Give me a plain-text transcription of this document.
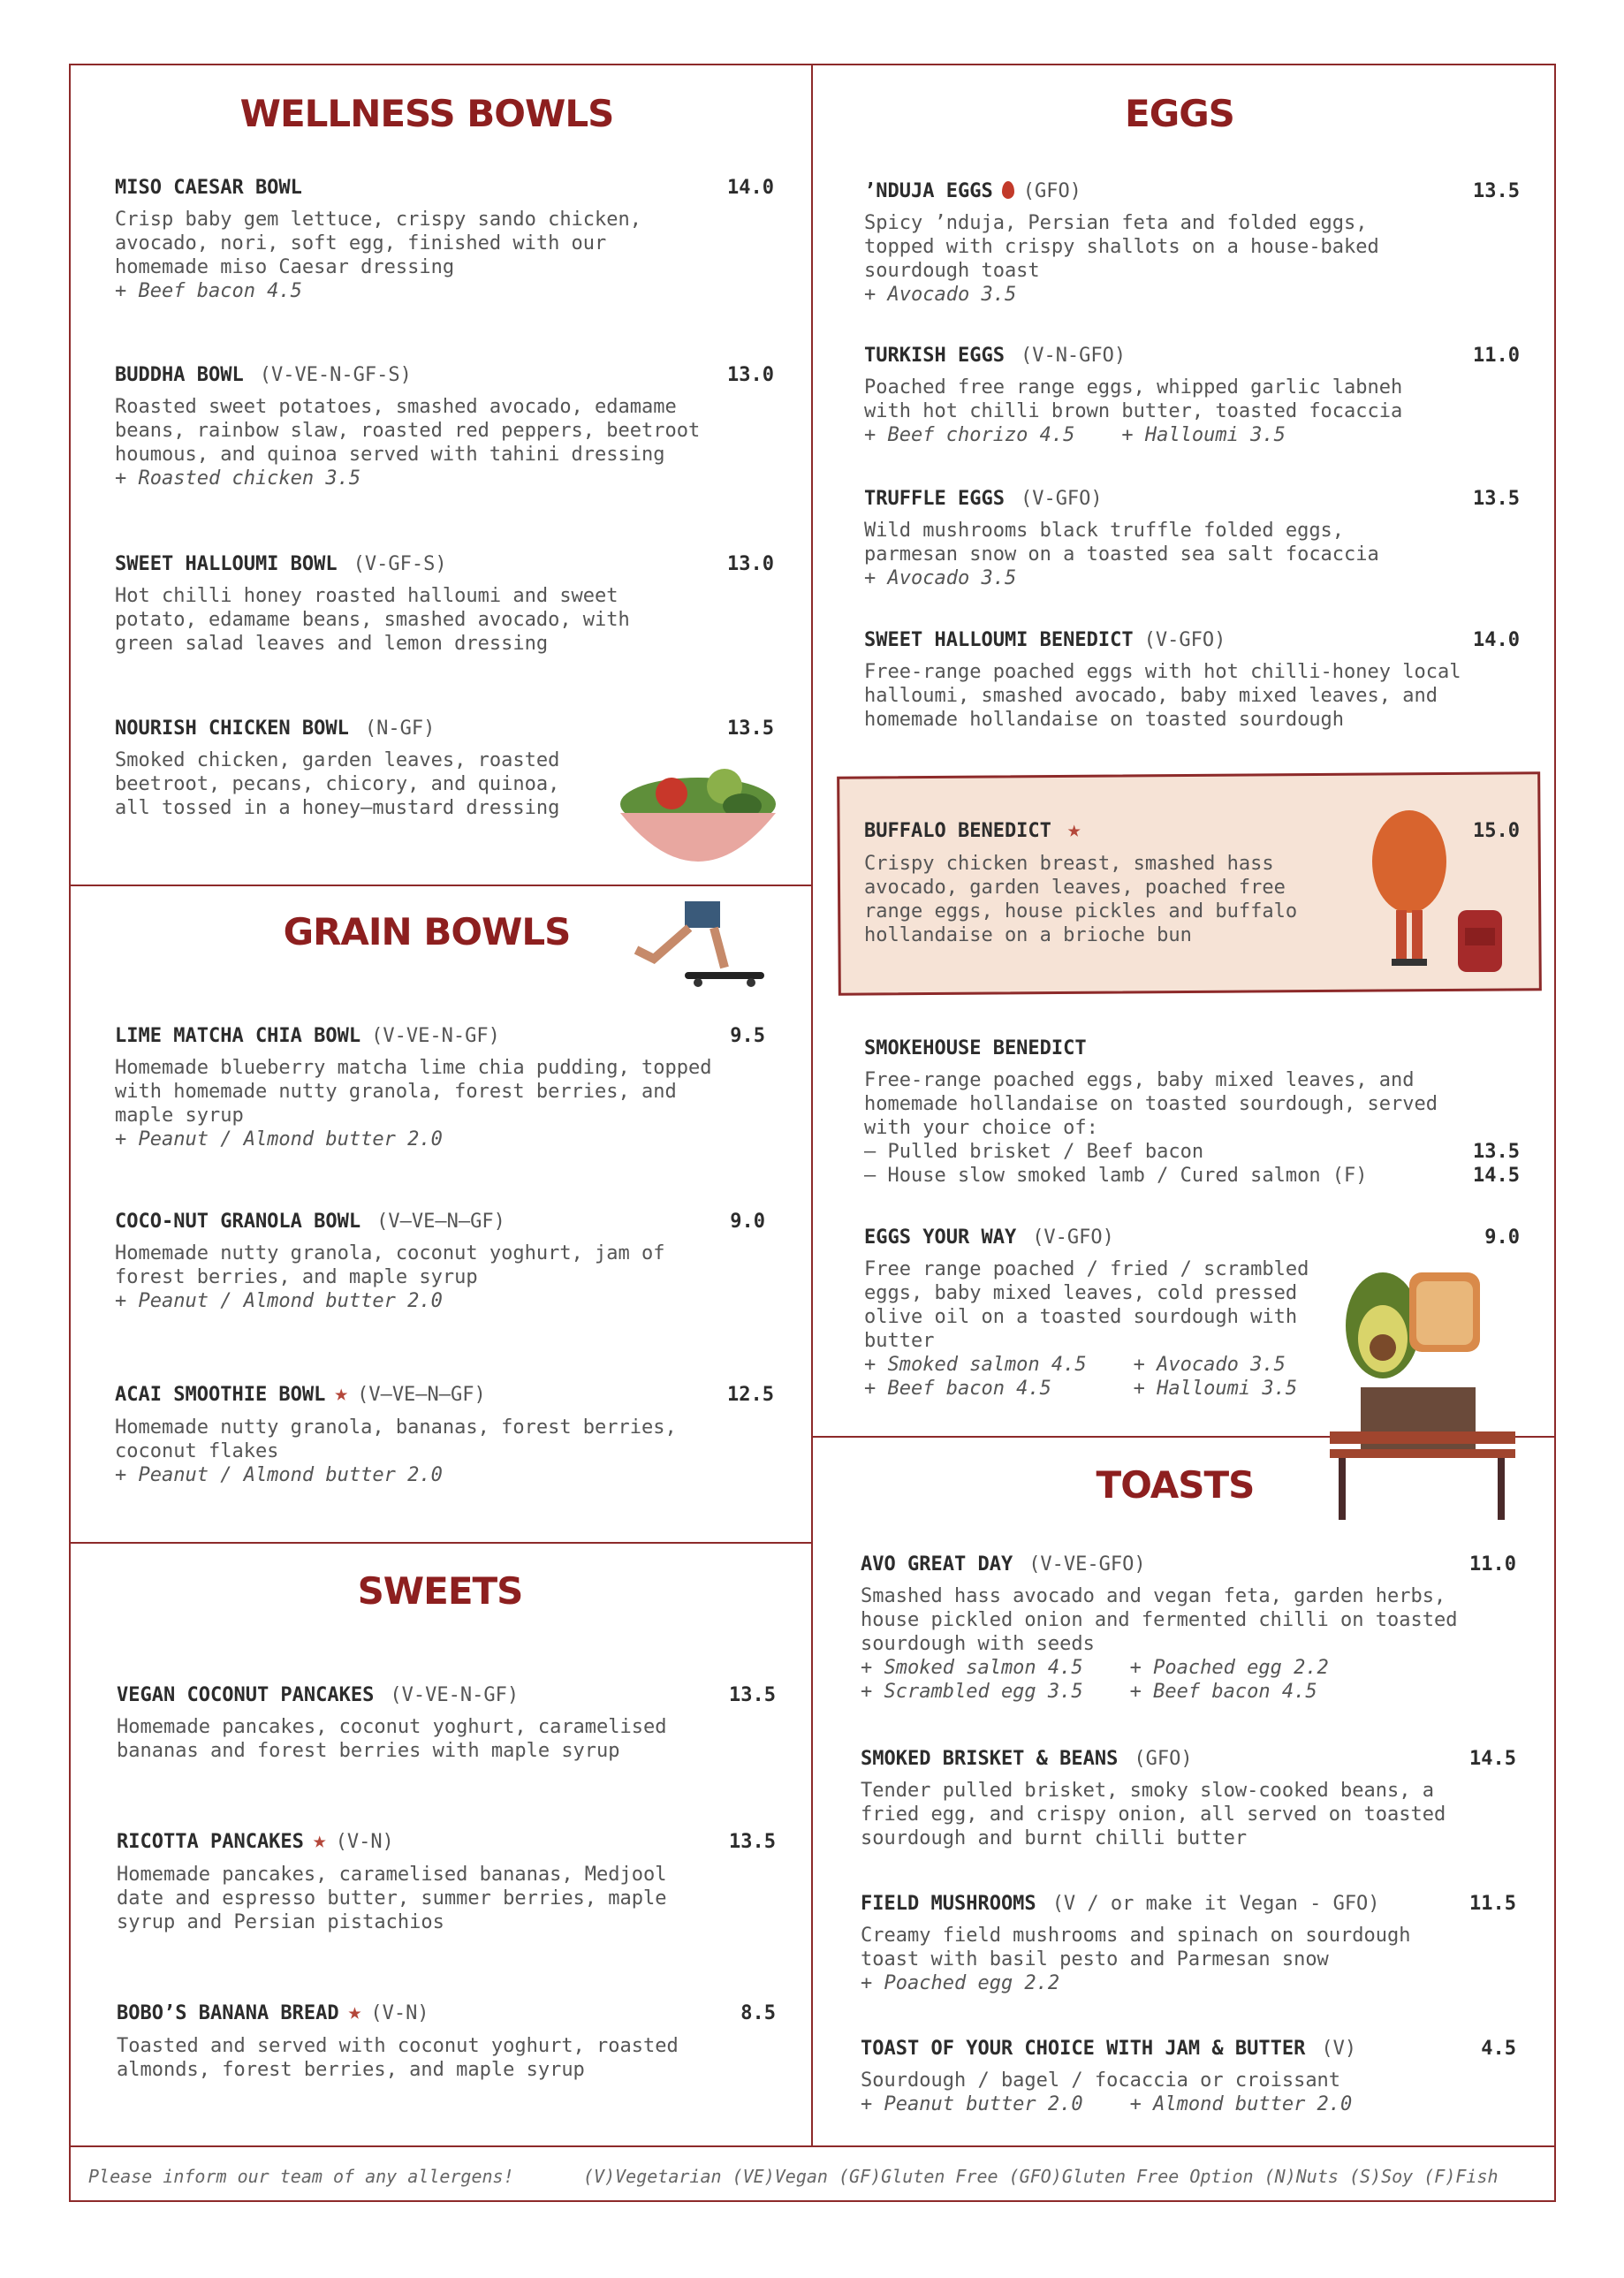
WELLNESS BOWLS
GRAIN BOWLS
SWEETS
EGGS
TOASTS
MISO CAESAR BOWL	14.0
Crisp baby gem lettuce, crispy sando chicken,
avocado, nori, soft egg, finished with our
homemade miso Caesar dressing
+ Beef bacon 4.5
BUDDHA BOWL (V-VE-N-GF-S)	13.0
Roasted sweet potatoes, smashed avocado, edamame
beans, rainbow slaw, roasted red peppers, beetroot
houmous, and quinoa served with tahini dressing
+ Roasted chicken 3.5
SWEET HALLOUMI BOWL (V-GF-S)	13.0
Hot chilli honey roasted halloumi and sweet
potato, edamame beans, smashed avocado, with
green salad leaves and lemon dressing
NOURISH CHICKEN BOWL (N-GF)	13.5
Smoked chicken, garden leaves, roasted
beetroot, pecans, chicory, and quinoa,
all tossed in a honey—mustard dressing
LIME MATCHA CHIA BOWL (V-VE-N-GF)	9.5
Homemade blueberry matcha lime chia pudding, topped
with homemade nutty granola, forest berries, and
maple syrup
+ Peanut / Almond butter 2.0
COCO-NUT GRANOLA BOWL (V—VE—N—GF)	9.0
Homemade nutty granola, coconut yoghurt, jam of
forest berries, and maple syrup
+ Peanut / Almond butter 2.0
ACAI SMOOTHIE BOWL ★ (V—VE—N—GF)	12.5
Homemade nutty granola, bananas, forest berries,
coconut flakes
+ Peanut / Almond butter 2.0
VEGAN COCONUT PANCAKES (V-VE-N-GF)	13.5
Homemade pancakes, coconut yoghurt, caramelised
bananas and forest berries with maple syrup
RICOTTA PANCAKES ★ (V-N)	13.5
Homemade pancakes, caramelised bananas, Medjool
date and espresso butter, summer berries, maple
syrup and Persian pistachios
BOBO’S BANANA BREAD ★ (V-N)	8.5
Toasted and served with coconut yoghurt, roasted
almonds, forest berries, and maple syrup
’NDUJA EGGS (GFO)	13.5
Spicy ’nduja, Persian feta and folded eggs,
topped with crispy shallots on a house-baked
sourdough toast
+ Avocado 3.5
TURKISH EGGS (V-N-GFO)	11.0
Poached free range eggs, whipped garlic labneh
with hot chilli brown butter, toasted focaccia
+ Beef chorizo 4.5    + Halloumi 3.5
TRUFFLE EGGS (V-GFO)	13.5
Wild mushrooms black truffle folded eggs,
parmesan snow on a toasted sea salt focaccia
+ Avocado 3.5
SWEET HALLOUMI BENEDICT (V-GFO)	14.0
Free-range poached eggs with hot chilli-honey local
halloumi, smashed avocado, baby mixed leaves, and
homemade hollandaise on toasted sourdough
BUFFALO BENEDICT ★	15.0
Crispy chicken breast, smashed hass
avocado, garden leaves, poached free
range eggs, house pickles and buffalo
hollandaise on a brioche bun
SMOKEHOUSE BENEDICT
Free-range poached eggs, baby mixed leaves, and
homemade hollandaise on toasted sourdough, served
with your choice of:
— Pulled brisket / Beef bacon	13.5
— House slow smoked lamb / Cured salmon (F)	14.5
EGGS YOUR WAY (V-GFO)	9.0
Free range poached / fried / scrambled
eggs, baby mixed leaves, cold pressed
olive oil on a toasted sourdough with
butter
+ Smoked salmon 4.5    + Avocado 3.5
+ Beef bacon 4.5       + Halloumi 3.5
AVO GREAT DAY (V-VE-GFO)	11.0
Smashed hass avocado and vegan feta, garden herbs,
house pickled onion and fermented chilli on toasted
sourdough with seeds
+ Smoked salmon 4.5    + Poached egg 2.2
+ Scrambled egg 3.5    + Beef bacon 4.5
SMOKED BRISKET & BEANS (GFO)	14.5
Tender pulled brisket, smoky slow-cooked beans, a
fried egg, and crispy onion, all served on toasted
sourdough and burnt chilli butter
FIELD MUSHROOMS (V / or make it Vegan - GFO)	11.5
Creamy field mushrooms and spinach on sourdough
toast with basil pesto and Parmesan snow
+ Poached egg 2.2
TOAST OF YOUR CHOICE WITH JAM & BUTTER (V)	4.5
Sourdough / bagel / focaccia or croissant
+ Peanut butter 2.0    + Almond butter 2.0
Please inform our team of any allergens!	(V)Vegetarian (VE)Vegan (GF)Gluten Free (GFO)Gluten Free Option (N)Nuts (S)Soy (F)Fish
